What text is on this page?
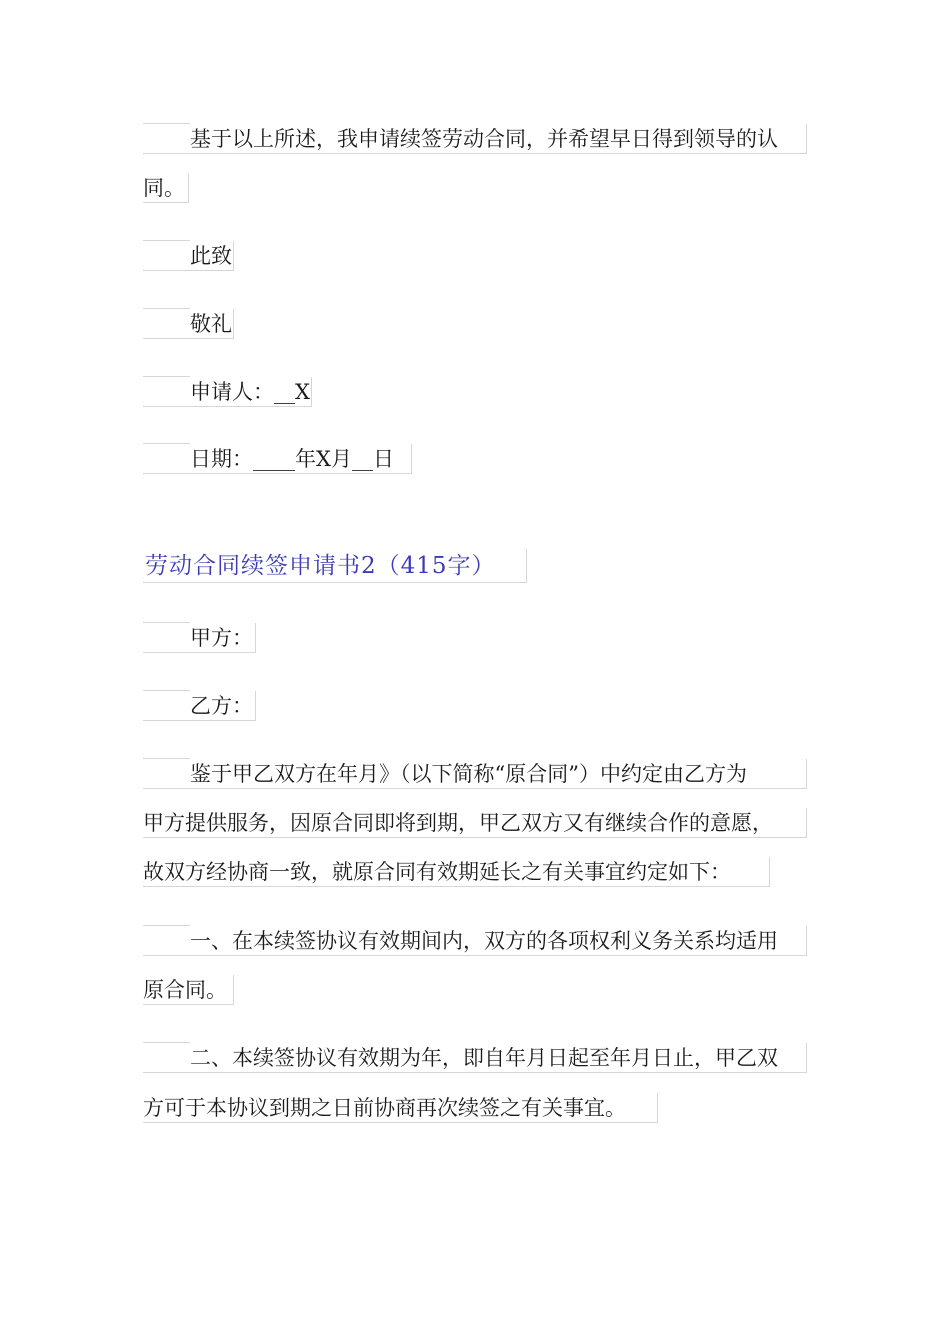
基于以上所述，我申请续签劳动合同，并希望早日得到领导的认
同。
此致
敬礼
申请人：__X
日期：____年X月__日
劳动合同续签申请书2（415字）
甲方：
乙方：
鉴于甲乙双方在年月》（以下简称“原合同”）中约定由乙方为
甲方提供服务，因原合同即将到期，甲乙双方又有继续合作的意愿，
故双方经协商一致，就原合同有效期延长之有关事宜约定如下：
一、在本续签协议有效期间内，双方的各项权利义务关系均适用
原合同。
二、本续签协议有效期为年，即自年月日起至年月日止，甲乙双
方可于本协议到期之日前协商再次续签之有关事宜。
